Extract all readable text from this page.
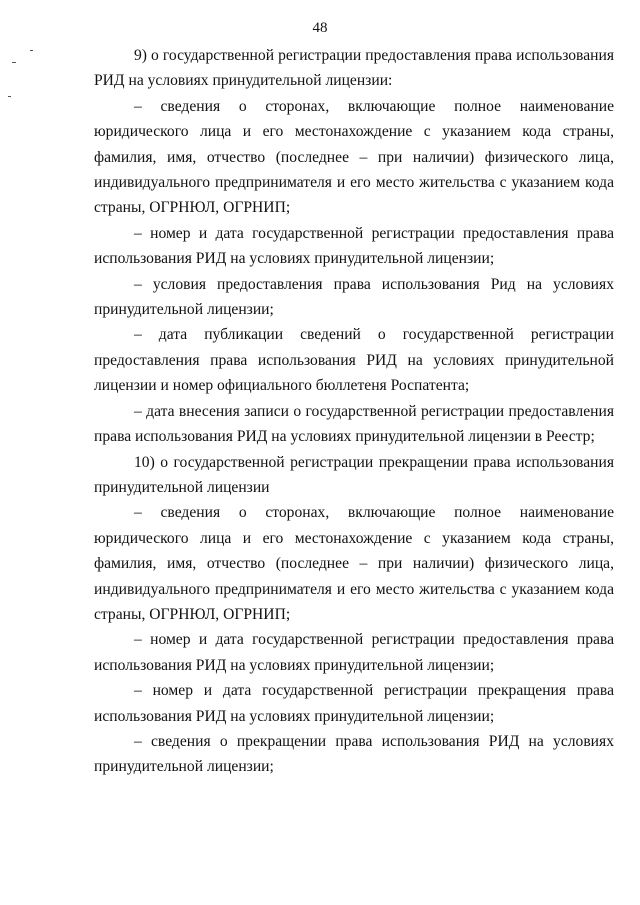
48

9) о государственной регистрации предоставления права использования РИД на условиях принудительной лицензии:

– сведения о сторонах, включающие полное наименование юридического лица и его местонахождение с указанием кода страны, фамилия, имя, отчество (последнее – при наличии) физического лица, индивидуального предпринимателя и его место жительства с указанием кода страны, ОГРНЮЛ, ОГРНИП;

– номер и дата государственной регистрации предоставления права использования РИД на условиях принудительной лицензии;

– условия предоставления права использования Рид на условиях принудительной лицензии;

– дата публикации сведений о государственной регистрации предоставления права использования РИД на условиях принудительной лицензии и номер официального бюллетеня Роспатента;

– дата внесения записи о государственной регистрации предоставления права использования РИД на условиях принудительной лицензии в Реестр;

10) о государственной регистрации прекращении права использования принудительной лицензии

– сведения о сторонах, включающие полное наименование юридического лица и его местонахождение с указанием кода страны, фамилия, имя, отчество (последнее – при наличии) физического лица, индивидуального предпринимателя и его место жительства с указанием кода страны, ОГРНЮЛ, ОГРНИП;

– номер и дата государственной регистрации предоставления права использования РИД на условиях принудительной лицензии;

– номер и дата государственной регистрации прекращения права использования РИД на условиях принудительной лицензии;

– сведения о прекращении права использования РИД на условиях принудительной лицензии;
